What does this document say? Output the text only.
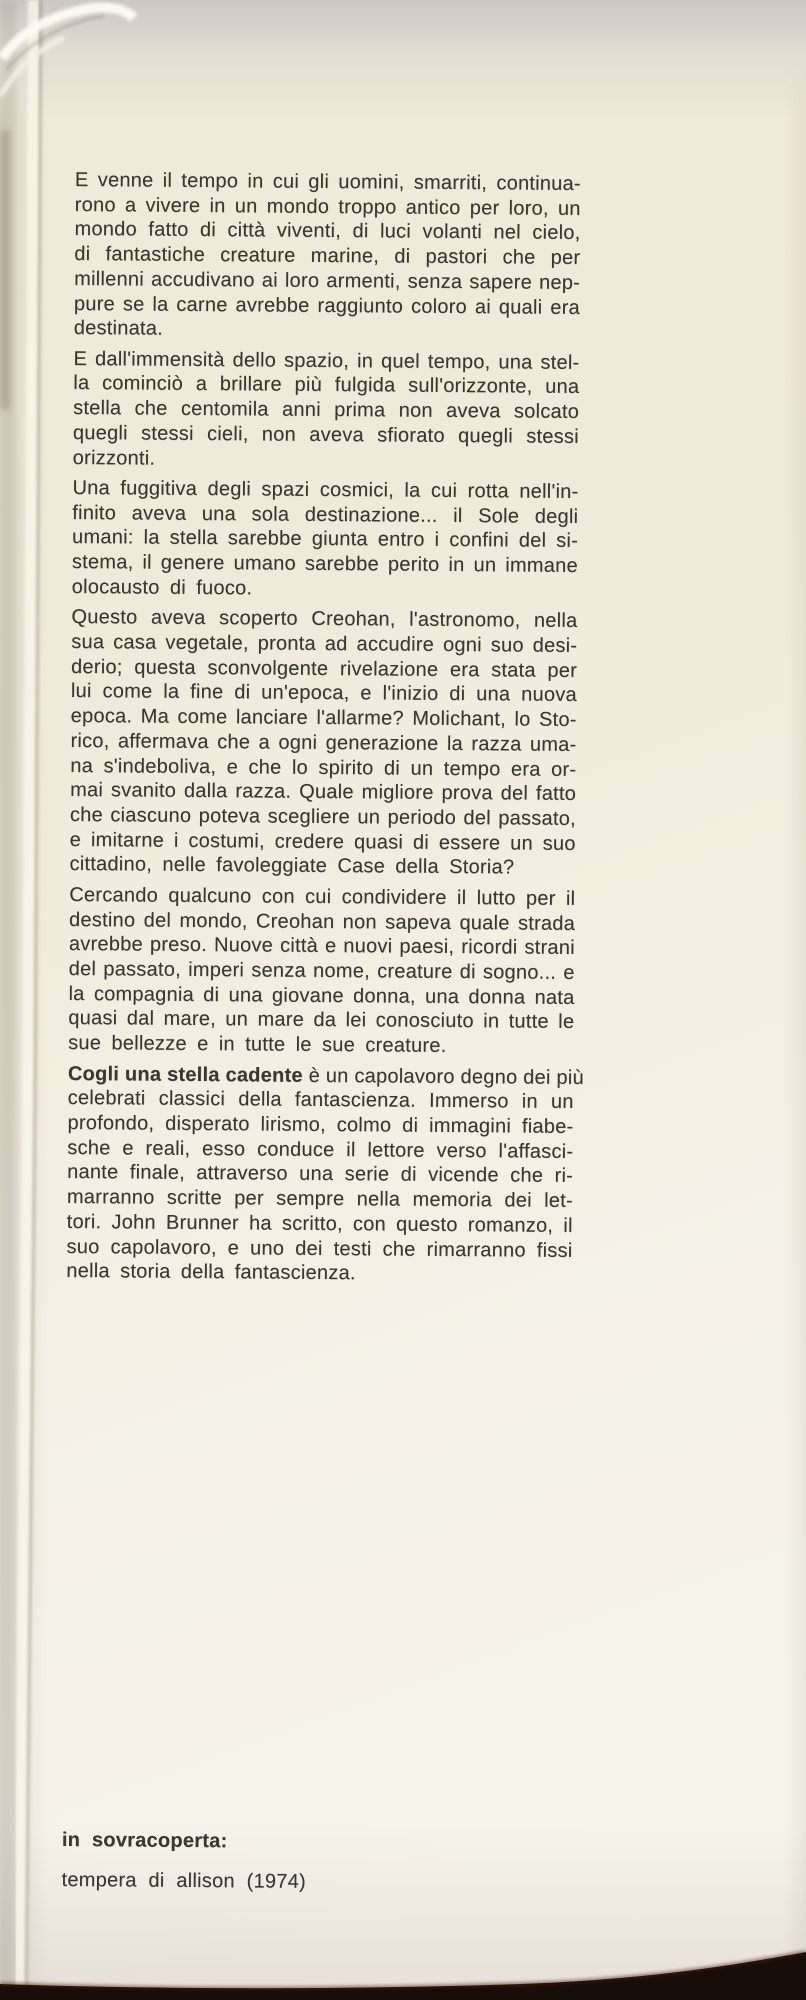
E venne il tempo in cui gli uomini, smarriti, continua-
rono a vivere in un mondo troppo antico per loro, un
mondo fatto di città viventi, di luci volanti nel cielo,
di fantastiche creature marine, di pastori che per
millenni accudivano ai loro armenti, senza sapere nep-
pure se la carne avrebbe raggiunto coloro ai quali era
destinata.

E dall'immensità dello spazio, in quel tempo, una stel-
la cominciò a brillare più fulgida sull'orizzonte, una
stella che centomila anni prima non aveva solcato
quegli stessi cieli, non aveva sfiorato quegli stessi
orizzonti.

Una fuggitiva degli spazi cosmici, la cui rotta nell'in-
finito aveva una sola destinazione... il Sole degli
umani: la stella sarebbe giunta entro i confini del si-
stema, il genere umano sarebbe perito in un immane
olocausto di fuoco.

Questo aveva scoperto Creohan, l'astronomo, nella
sua casa vegetale, pronta ad accudire ogni suo desi-
derio; questa sconvolgente rivelazione era stata per
lui come la fine di un'epoca, e l'inizio di una nuova
epoca. Ma come lanciare l'allarme? Molichant, lo Sto-
rico, affermava che a ogni generazione la razza uma-
na s'indeboliva, e che lo spirito di un tempo era or-
mai svanito dalla razza. Quale migliore prova del fatto
che ciascuno poteva scegliere un periodo del passato,
e imitarne i costumi, credere quasi di essere un suo
cittadino, nelle favoleggiate Case della Storia?

Cercando qualcuno con cui condividere il lutto per il
destino del mondo, Creohan non sapeva quale strada
avrebbe preso. Nuove città e nuovi paesi, ricordi strani
del passato, imperi senza nome, creature di sogno... e
la compagnia di una giovane donna, una donna nata
quasi dal mare, un mare da lei conosciuto in tutte le
sue bellezze e in tutte le sue creature.

Cogli una stella cadente è un capolavoro degno dei più
celebrati classici della fantascienza. Immerso in un
profondo, disperato lirismo, colmo di immagini fiabe-
sche e reali, esso conduce il lettore verso l'affasci-
nante finale, attraverso una serie di vicende che ri-
marranno scritte per sempre nella memoria dei let-
tori. John Brunner ha scritto, con questo romanzo, il
suo capolavoro, e uno dei testi che rimarranno fissi
nella storia della fantascienza.

in sovracoperta:
tempera di allison (1974)
